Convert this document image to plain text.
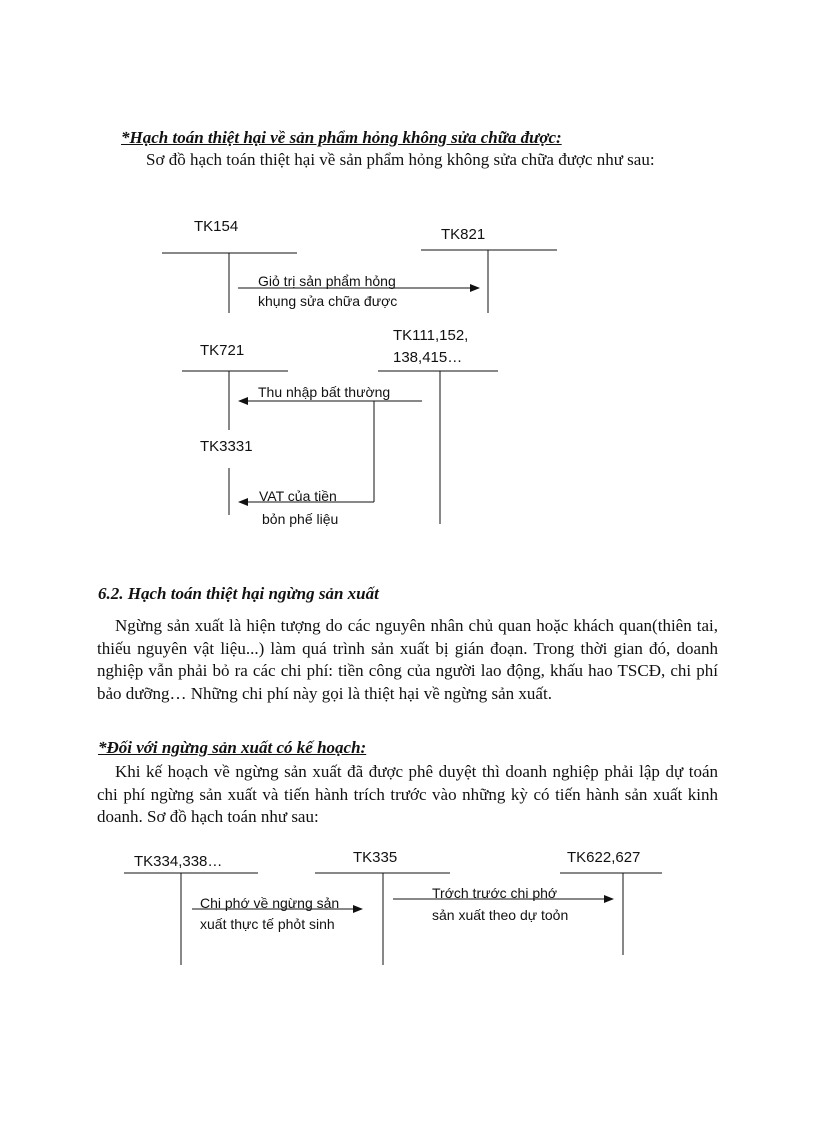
*Hạch toán thiệt hại về sản phẩm hỏng không sửa chữa được:
Sơ đồ hạch toán thiệt hại về sản phẩm hỏng không sửa chữa được như sau:
TK154	TK821
Giỏ trị sản phẩm hỏng
khụng sửa chữa được
TK721
TK111,152,
138,415…
Thu nhập bất thường
TK3331
VAT của tiền
bỏn phế liệu
6.2. Hạch toán thiệt hại ngừng sản xuất
Ngừng sản xuất là hiện tượng do các nguyên nhân chủ quan hoặc khách quan(thiên tai, thiếu nguyên vật liệu...) làm quá trình sản xuất bị gián đoạn. Trong thời gian đó, doanh nghiệp vẫn phải bỏ ra các chi phí: tiền công của người lao động, khấu hao TSCĐ, chi phí bảo dưỡng… Những chi phí này gọi là thiệt hại về ngừng sản xuất.
*Đối với ngừng sản xuất có kế hoạch:
Khi kế hoạch về ngừng sản xuất đã được phê duyệt thì doanh nghiệp phải lập dự toán chi phí ngừng sản xuất và tiến hành trích trước vào những kỳ có tiến hành sản xuất kinh doanh. Sơ đồ hạch toán như sau:
TK334,338…	TK335	TK622,627
Chi phớ về ngừng sản
xuất thực tế phỏt sinh
Trớch trước chi phớ
sản xuất theo dự toỏn
